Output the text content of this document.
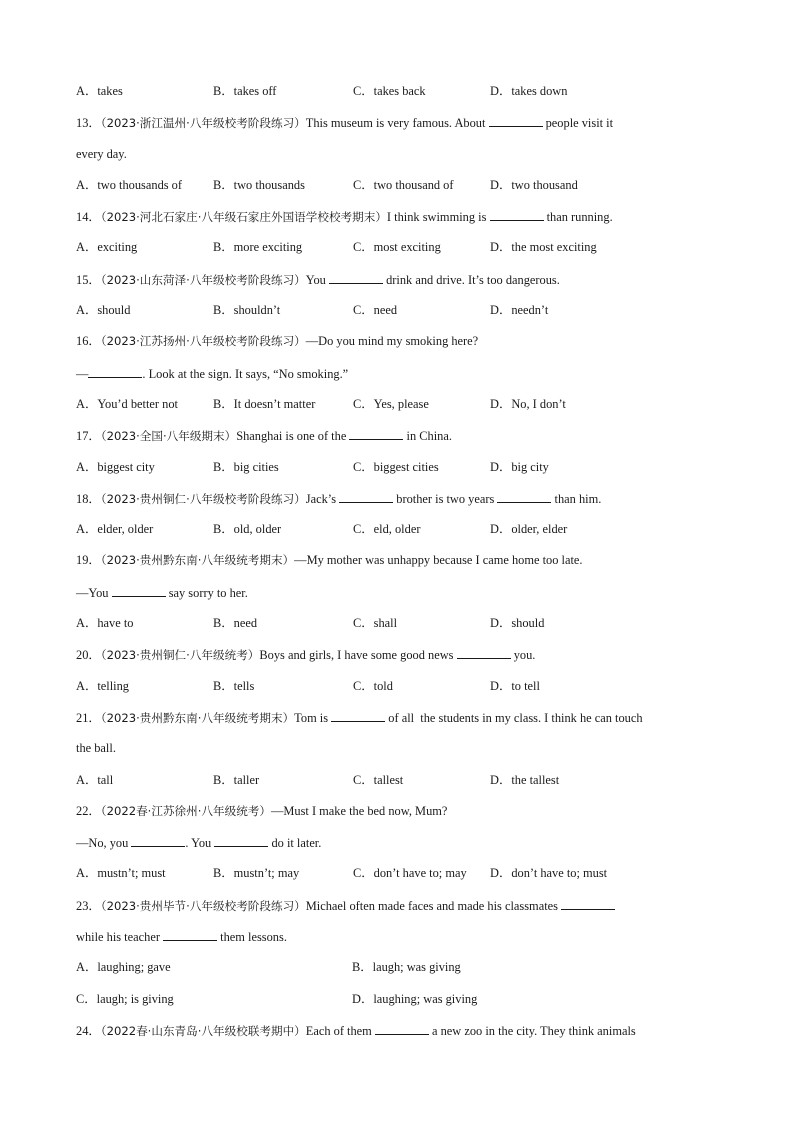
A．takes

	B．takes off

	C．takes back

	D．takes down

13．（2023·浙江温州·八年级校考阶段练习）This museum is very famous. About	people visit it
every day.

A．two thousands of

B．two thousands

	C．two thousand of

	D．two thousand

14．（2023·河北石家庄·八年级石家庄外国语学校校考期末）I think swimming is	than running.

A．exciting

	B．more exciting

	C．most exciting

	D．the most exciting

15．（2023·山东菏泽·八年级校考阶段练习）You	drink and drive. It’s too dangerous.

A．should

	B．shouldn’t

	C．need

	D．needn’t

16．（2023·江苏扬州·八年级校考阶段练习）—Do you mind my smoking here?
—	. Look at the sign. It says, “No smoking.”

A．You’d better not

	B．It doesn’t matter

	C．Yes, please

	D．No, I don’t

17．（2023·全国·八年级期末）Shanghai is one of the	in China.

A．biggest city

	B．big cities

	C．biggest cities

	D．big city

18．（2023·贵州铜仁·八年级校考阶段练习）Jack’s	brother is two years	than him.

A．elder, older

	B．old, older

	C．eld, older

	D．older, elder

19．（2023·贵州黔东南·八年级统考期末）—My mother was unhappy because I came home too late.
—You	say sorry to her.

A．have to

	B．need

	C．shall

	D．should

20．（2023·贵州铜仁·八年级统考）Boys and girls, I have some good news	you.

A．telling

	B．tells

	C．told

	D．to tell

21．（2023·贵州黔东南·八年级统考期末）Tom is	of all  the students in my class. I think he can touch
the ball.

A．tall

	B．taller

	C．tallest

	D．the tallest

22．（2022春·江苏徐州·八年级统考）—Must I make the bed now, Mum?
—No, you	. You	do it later.

A．mustn’t; must

	B．mustn’t; may

	C．don’t have to; may

D．don’t have to; must

23．（2023·贵州毕节·八年级校考阶段练习）Michael often made faces and made his classmates
while his teacher	them lessons.

A．laughing; gave

	B．laugh; was giving

C．laugh; is giving

	D．laughing; was giving

24．（2022春·山东青岛·八年级校联考期中）Each of them	a new zoo in the city. They think animals
